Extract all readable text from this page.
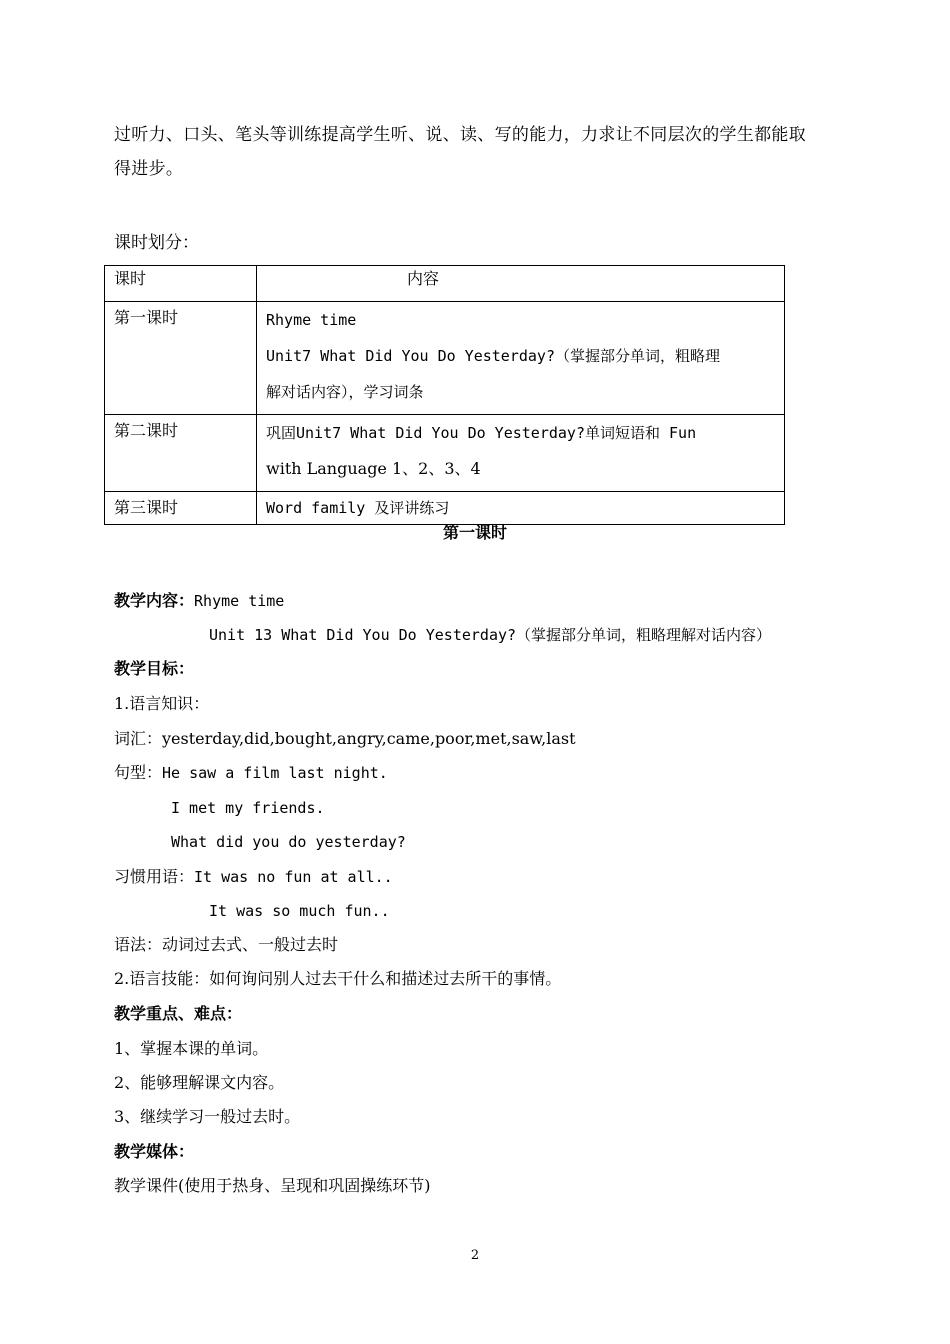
过听力、口头、笔头等训练提高学生听、说、读、写的能力，力求让不同层次的学生都能取
得进步。
课时划分：
课时	内容
第一课时	Rhyme time
Unit7 What Did You Do Yesterday?（掌握部分单词，粗略理
解对话内容），学习词条

第二课时	巩固Unit7 What Did You Do Yesterday?单词短语和 Fun
with Language 1、2、3、4

第三课时	Word family 及评讲练习
第一课时
教学内容：Rhyme time
Unit 13 What Did You Do Yesterday?（掌握部分单词，粗略理解对话内容）
教学目标：
1.语言知识：
词汇：yesterday,did,bought,angry,came,poor,met,saw,last
句型：He saw a film last night.
I met my friends.
What did you do yesterday?
习惯用语：It was no fun at all..
It was so much fun..
语法：动词过去式、一般过去时
2.语言技能：如何询问别人过去干什么和描述过去所干的事情。
教学重点、难点：
1、掌握本课的单词。
2、能够理解课文内容。
3、继续学习一般过去时。
教学媒体：
教学课件(使用于热身、呈现和巩固操练环节)
2
